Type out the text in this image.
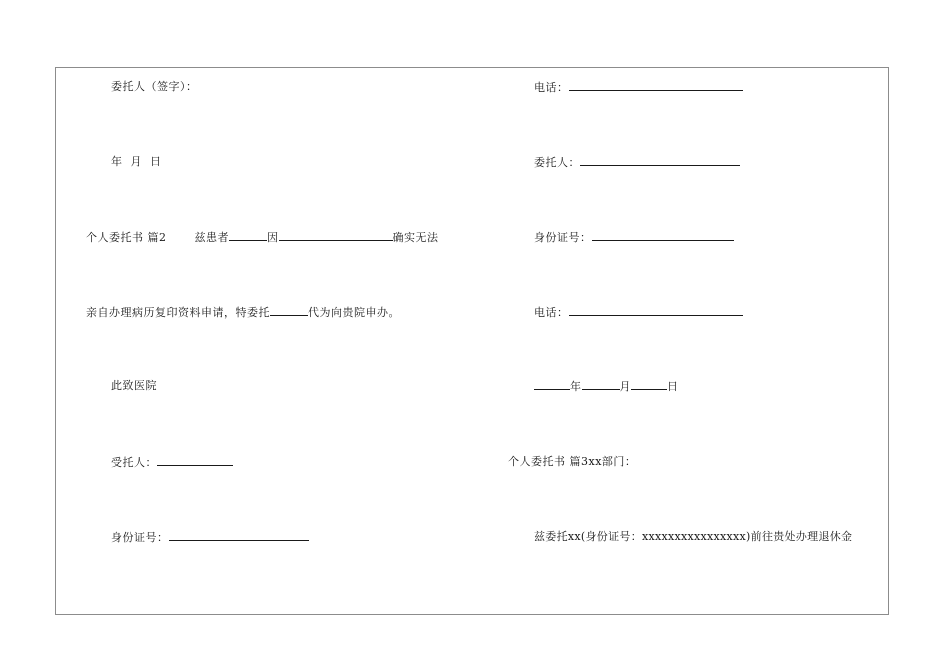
委托人（签字）：
年  月  日
个人委托书 篇2	兹患者	因	确实无法
亲自办理病历复印资料申请，特委托	代为向贵院申办。
此致医院
受托人：
身份证号：
电话：
委托人：
身份证号：
电话：
年	月	日
个人委托书 篇3xx部门：
兹委托xx(身份证号：xxxxxxxxxxxxxxxx)前往贵处办理退休金
